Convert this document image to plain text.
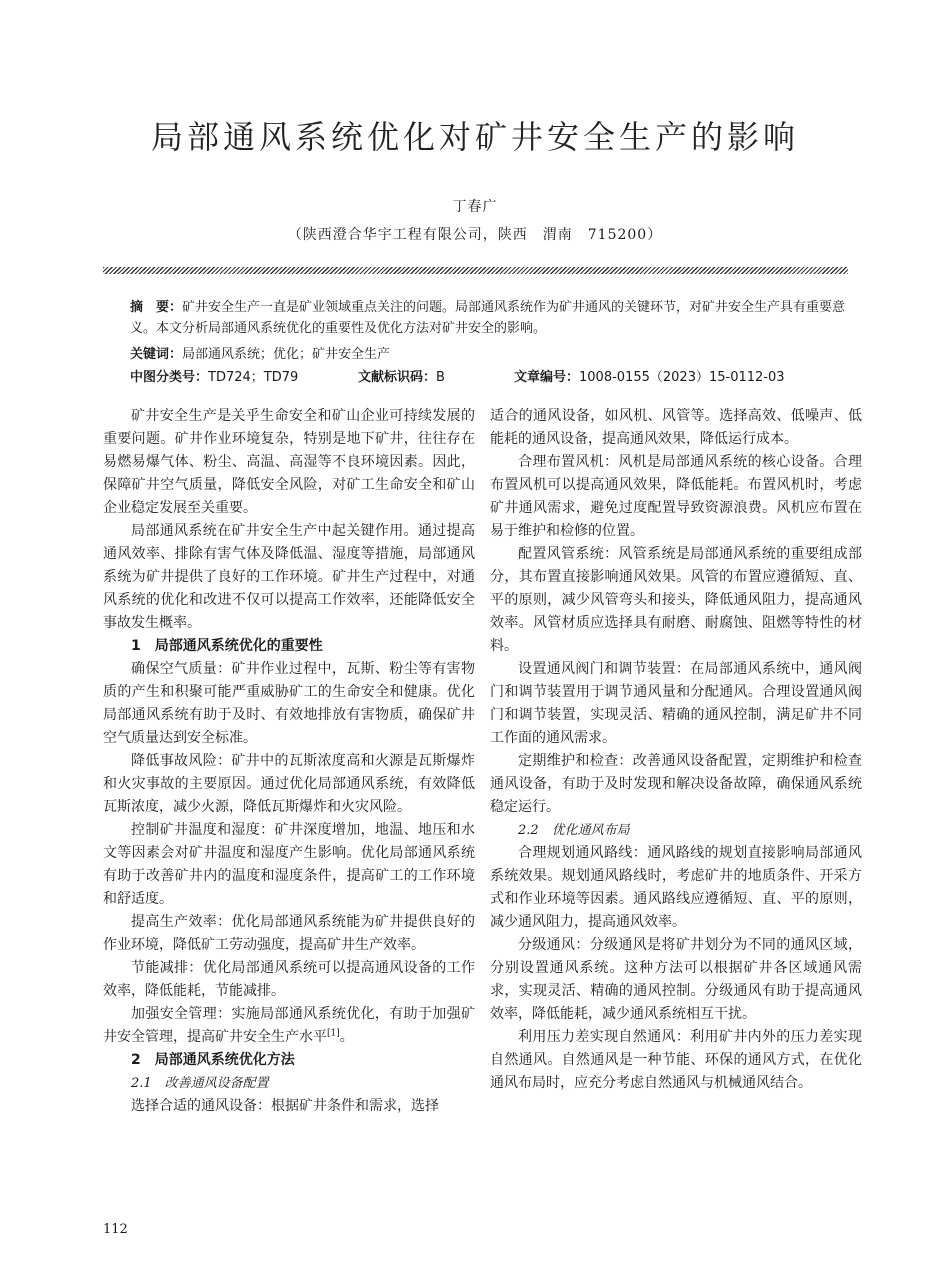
局部通风系统优化对矿井安全生产的影响
丁春广
（陕西澄合华宇工程有限公司，陕西　渭南　715200）
摘　要：矿井安全生产一直是矿业领域重点关注的问题。局部通风系统作为矿井通风的关键环节，对矿井安全生产具有重要意义。本文分析局部通风系统优化的重要性及优化方法对矿井安全的影响。
关键词：局部通风系统；优化；矿井安全生产
中图分类号：TD724；TD79	文献标识码：B	文章编号：1008-0155（2023）15-0112-03

矿井安全生产是关乎生命安全和矿山企业可持续发展的重要问题。矿井作业环境复杂，特别是地下矿井，往往存在易燃易爆气体、粉尘、高温、高湿等不良环境因素。因此，保障矿井空气质量，降低安全风险，对矿工生命安全和矿山企业稳定发展至关重要。

局部通风系统在矿井安全生产中起关键作用。通过提高通风效率、排除有害气体及降低温、湿度等措施，局部通风系统为矿井提供了良好的工作环境。矿井生产过程中，对通风系统的优化和改进不仅可以提高工作效率，还能降低安全事故发生概率。

1　局部通风系统优化的重要性

确保空气质量：矿井作业过程中，瓦斯、粉尘等有害物质的产生和积聚可能严重威胁矿工的生命安全和健康。优化局部通风系统有助于及时、有效地排放有害物质，确保矿井空气质量达到安全标准。

降低事故风险：矿井中的瓦斯浓度高和火源是瓦斯爆炸和火灾事故的主要原因。通过优化局部通风系统，有效降低瓦斯浓度，减少火源，降低瓦斯爆炸和火灾风险。

控制矿井温度和湿度：矿井深度增加，地温、地压和水文等因素会对矿井温度和湿度产生影响。优化局部通风系统有助于改善矿井内的温度和湿度条件，提高矿工的工作环境和舒适度。

提高生产效率：优化局部通风系统能为矿井提供良好的作业环境，降低矿工劳动强度，提高矿井生产效率。

节能减排：优化局部通风系统可以提高通风设备的工作效率，降低能耗，节能减排。

加强安全管理：实施局部通风系统优化，有助于加强矿井安全管理，提高矿井安全生产水平[1]。

2　局部通风系统优化方法
2.1　改善通风设备配置

选择合适的通风设备：根据矿井条件和需求，选择

适合的通风设备，如风机、风管等。选择高效、低噪声、低能耗的通风设备，提高通风效果，降低运行成本。

合理布置风机：风机是局部通风系统的核心设备。合理布置风机可以提高通风效果，降低能耗。布置风机时，考虑矿井通风需求，避免过度配置导致资源浪费。风机应布置在易于维护和检修的位置。

配置风管系统：风管系统是局部通风系统的重要组成部分，其布置直接影响通风效果。风管的布置应遵循短、直、平的原则，减少风管弯头和接头，降低通风阻力，提高通风效率。风管材质应选择具有耐磨、耐腐蚀、阻燃等特性的材料。

设置通风阀门和调节装置：在局部通风系统中，通风阀门和调节装置用于调节通风量和分配通风。合理设置通风阀门和调节装置，实现灵活、精确的通风控制，满足矿井不同工作面的通风需求。

定期维护和检查：改善通风设备配置，定期维护和检查通风设备，有助于及时发现和解决设备故障，确保通风系统稳定运行。

2.2　优化通风布局

合理规划通风路线：通风路线的规划直接影响局部通风系统效果。规划通风路线时，考虑矿井的地质条件、开采方式和作业环境等因素。通风路线应遵循短、直、平的原则，减少通风阻力，提高通风效率。

分级通风：分级通风是将矿井划分为不同的通风区域，分别设置通风系统。这种方法可以根据矿井各区域通风需求，实现灵活、精确的通风控制。分级通风有助于提高通风效率，降低能耗，减少通风系统相互干扰。

利用压力差实现自然通风：利用矿井内外的压力差实现自然通风。自然通风是一种节能、环保的通风方式，在优化通风布局时，应充分考虑自然通风与机械通风结合。

112
